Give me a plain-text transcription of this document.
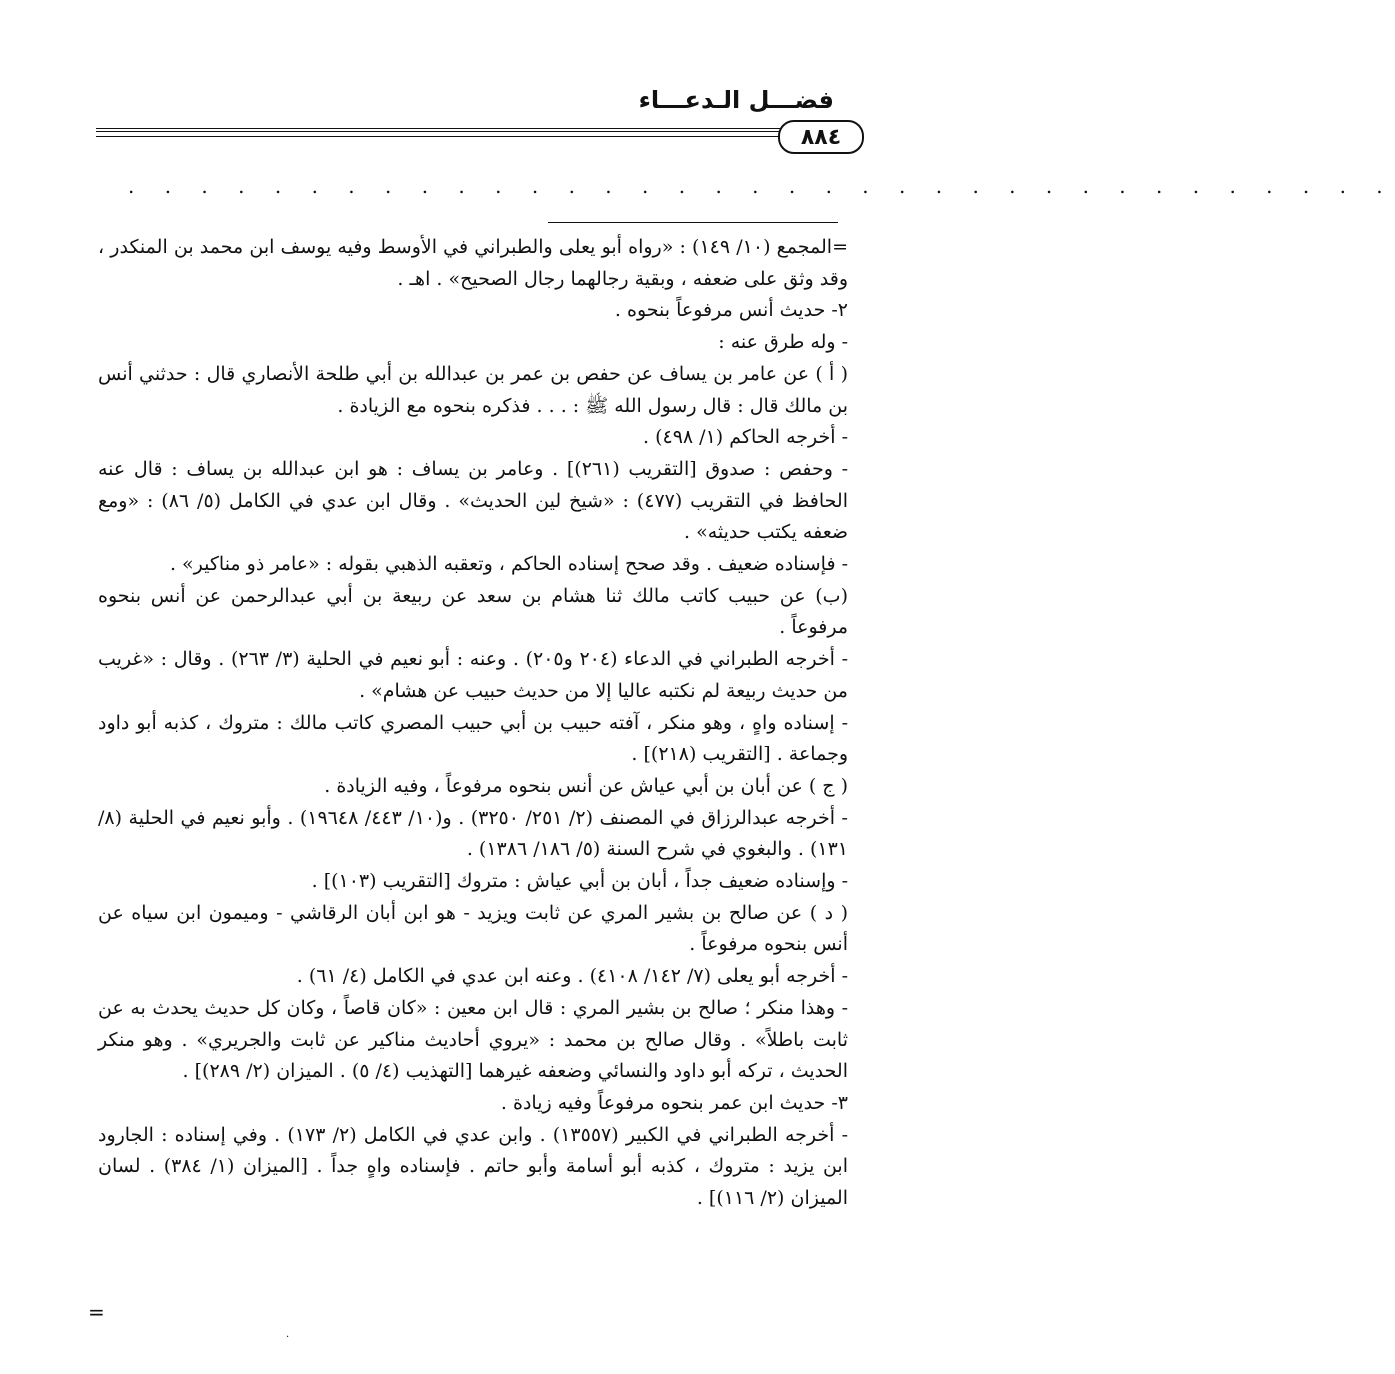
فضـــل الـدعـــاء
٨٨٤
. . . . . . . . . . . . . . . . . . . . . . . . . . . . . . . . . . .

=المجمع (١٠/ ١٤٩) : «رواه أبو يعلى والطبراني في الأوسط وفيه يوسف ابن محمد بن المنكدر ، وقد وثق على ضعفه ، وبقية رجالهما رجال الصحيح» . اهـ .

٢- حديث أنس مرفوعاً بنحوه .

- وله طرق عنه :

( أ ) عن عامر بن يساف عن حفص بن عمر بن عبدالله بن أبي طلحة الأنصاري قال : حدثني أنس بن مالك قال : قال رسول الله ﷺ : . . . فذكره بنحوه مع الزيادة .

- أخرجه الحاكم (١/ ٤٩٨) .

- وحفص : صدوق [التقريب (٢٦١)] . وعامر بن يساف : هو ابن عبدالله بن يساف : قال عنه الحافظ في التقريب (٤٧٧) : «شيخ لين الحديث» . وقال ابن عدي في الكامل (٥/ ٨٦) : «ومع ضعفه يكتب حديثه» .

- فإسناده ضعيف . وقد صحح إسناده الحاكم ، وتعقبه الذهبي بقوله : «عامر ذو مناكير» .

(ب) عن حبيب كاتب مالك ثنا هشام بن سعد عن ربيعة بن أبي عبدالرحمن عن أنس بنحوه مرفوعاً .

- أخرجه الطبراني في الدعاء (٢٠٤ و٢٠٥) . وعنه : أبو نعيم في الحلية (٣/ ٢٦٣) . وقال : «غريب من حديث ربيعة لم نكتبه عاليا إلا من حديث حبيب عن هشام» .

- إسناده واهٍ ، وهو منكر ، آفته حبيب بن أبي حبيب المصري كاتب مالك : متروك ، كذبه أبو داود وجماعة . [التقريب (٢١٨)] .

( ج ) عن أبان بن أبي عياش عن أنس بنحوه مرفوعاً ، وفيه الزيادة .

- أخرجه عبدالرزاق في المصنف (٢/ ٢٥١/ ٣٢٥٠) . و(١٠/ ٤٤٣/ ١٩٦٤٨) . وأبو نعيم في الحلية (٨/ ١٣١) . والبغوي في شرح السنة (٥/ ١٨٦/ ١٣٨٦) .

- وإسناده ضعيف جداً ، أبان بن أبي عياش : متروك [التقريب (١٠٣)] .

( د ) عن صالح بن بشير المري عن ثابت ويزيد - هو ابن أبان الرقاشي - وميمون ابن سياه عن أنس بنحوه مرفوعاً .

- أخرجه أبو يعلى (٧/ ١٤٢/ ٤١٠٨) . وعنه ابن عدي في الكامل (٤/ ٦١) .

- وهذا منكر ؛ صالح بن بشير المري : قال ابن معين : «كان قاصاً ، وكان كل حديث يحدث به عن ثابت باطلاً» . وقال صالح بن محمد : «يروي أحاديث مناكير عن ثابت والجريري» . وهو منكر الحديث ، تركه أبو داود والنسائي وضعفه غيرهما [التهذيب (٤/ ٥) . الميزان (٢/ ٢٨٩)] .

٣- حديث ابن عمر بنحوه مرفوعاً وفيه زيادة .

- أخرجه الطبراني في الكبير (١٣٥٥٧) . وابن عدي في الكامل (٢/ ١٧٣) . وفي إسناده : الجارود ابن يزيد : متروك ، كذبه أبو أسامة وأبو حاتم . فإسناده واهٍ جداً . [الميزان (١/ ٣٨٤) . لسان الميزان (٢/ ١١٦)] .

=
·
